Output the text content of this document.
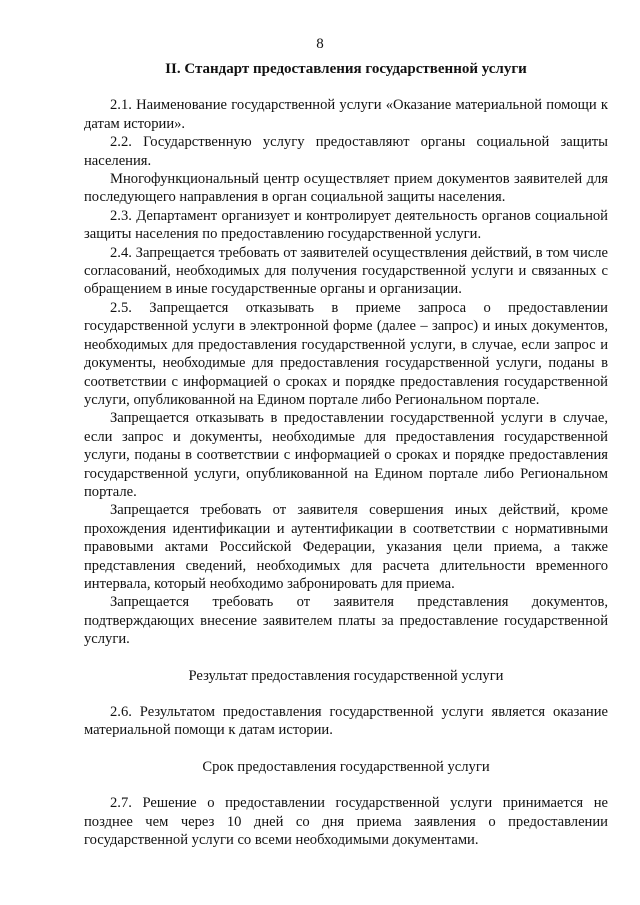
8
II. Стандарт предоставления государственной услуги

2.1. Наименование государственной услуги «Оказание материальной помощи к датам истории».

2.2. Государственную услугу предоставляют органы социальной защиты населения.

Многофункциональный центр осуществляет прием документов заявителей для последующего направления в орган социальной защиты населения.

2.3. Департамент организует и контролирует деятельность органов социальной защиты населения по предоставлению государственной услуги.

2.4. Запрещается требовать от заявителей осуществления действий, в том числе согласований, необходимых для получения государственной услуги и связанных с обращением в иные государственные органы и организации.

2.5. Запрещается отказывать в приеме запроса о предоставлении государственной услуги в электронной форме (далее – запрос) и иных документов, необходимых для предоставления государственной услуги, в случае, если запрос и документы, необходимые для предоставления государственной услуги, поданы в соответствии с информацией о сроках и порядке предоставления государственной услуги, опубликованной на Едином портале либо Региональном портале.

Запрещается отказывать в предоставлении государственной услуги в случае, если запрос и документы, необходимые для предоставления государственной услуги, поданы в соответствии с информацией о сроках и порядке предоставления государственной услуги, опубликованной на Едином портале либо Региональном портале.

Запрещается требовать от заявителя совершения иных действий, кроме прохождения идентификации и аутентификации в соответствии с нормативными правовыми актами Российской Федерации, указания цели приема, а также представления сведений, необходимых для расчета длительности временного интервала, который необходимо забронировать для приема.

Запрещается требовать от заявителя представления документов, подтверждающих внесение заявителем платы за предоставление государственной услуги.

Результат предоставления государственной услуги

2.6. Результатом предоставления государственной услуги является оказание материальной помощи к датам истории.

Срок предоставления государственной услуги

2.7. Решение о предоставлении государственной услуги принимается не позднее чем через 10 дней со дня приема заявления о предоставлении государственной услуги со всеми необходимыми документами.
